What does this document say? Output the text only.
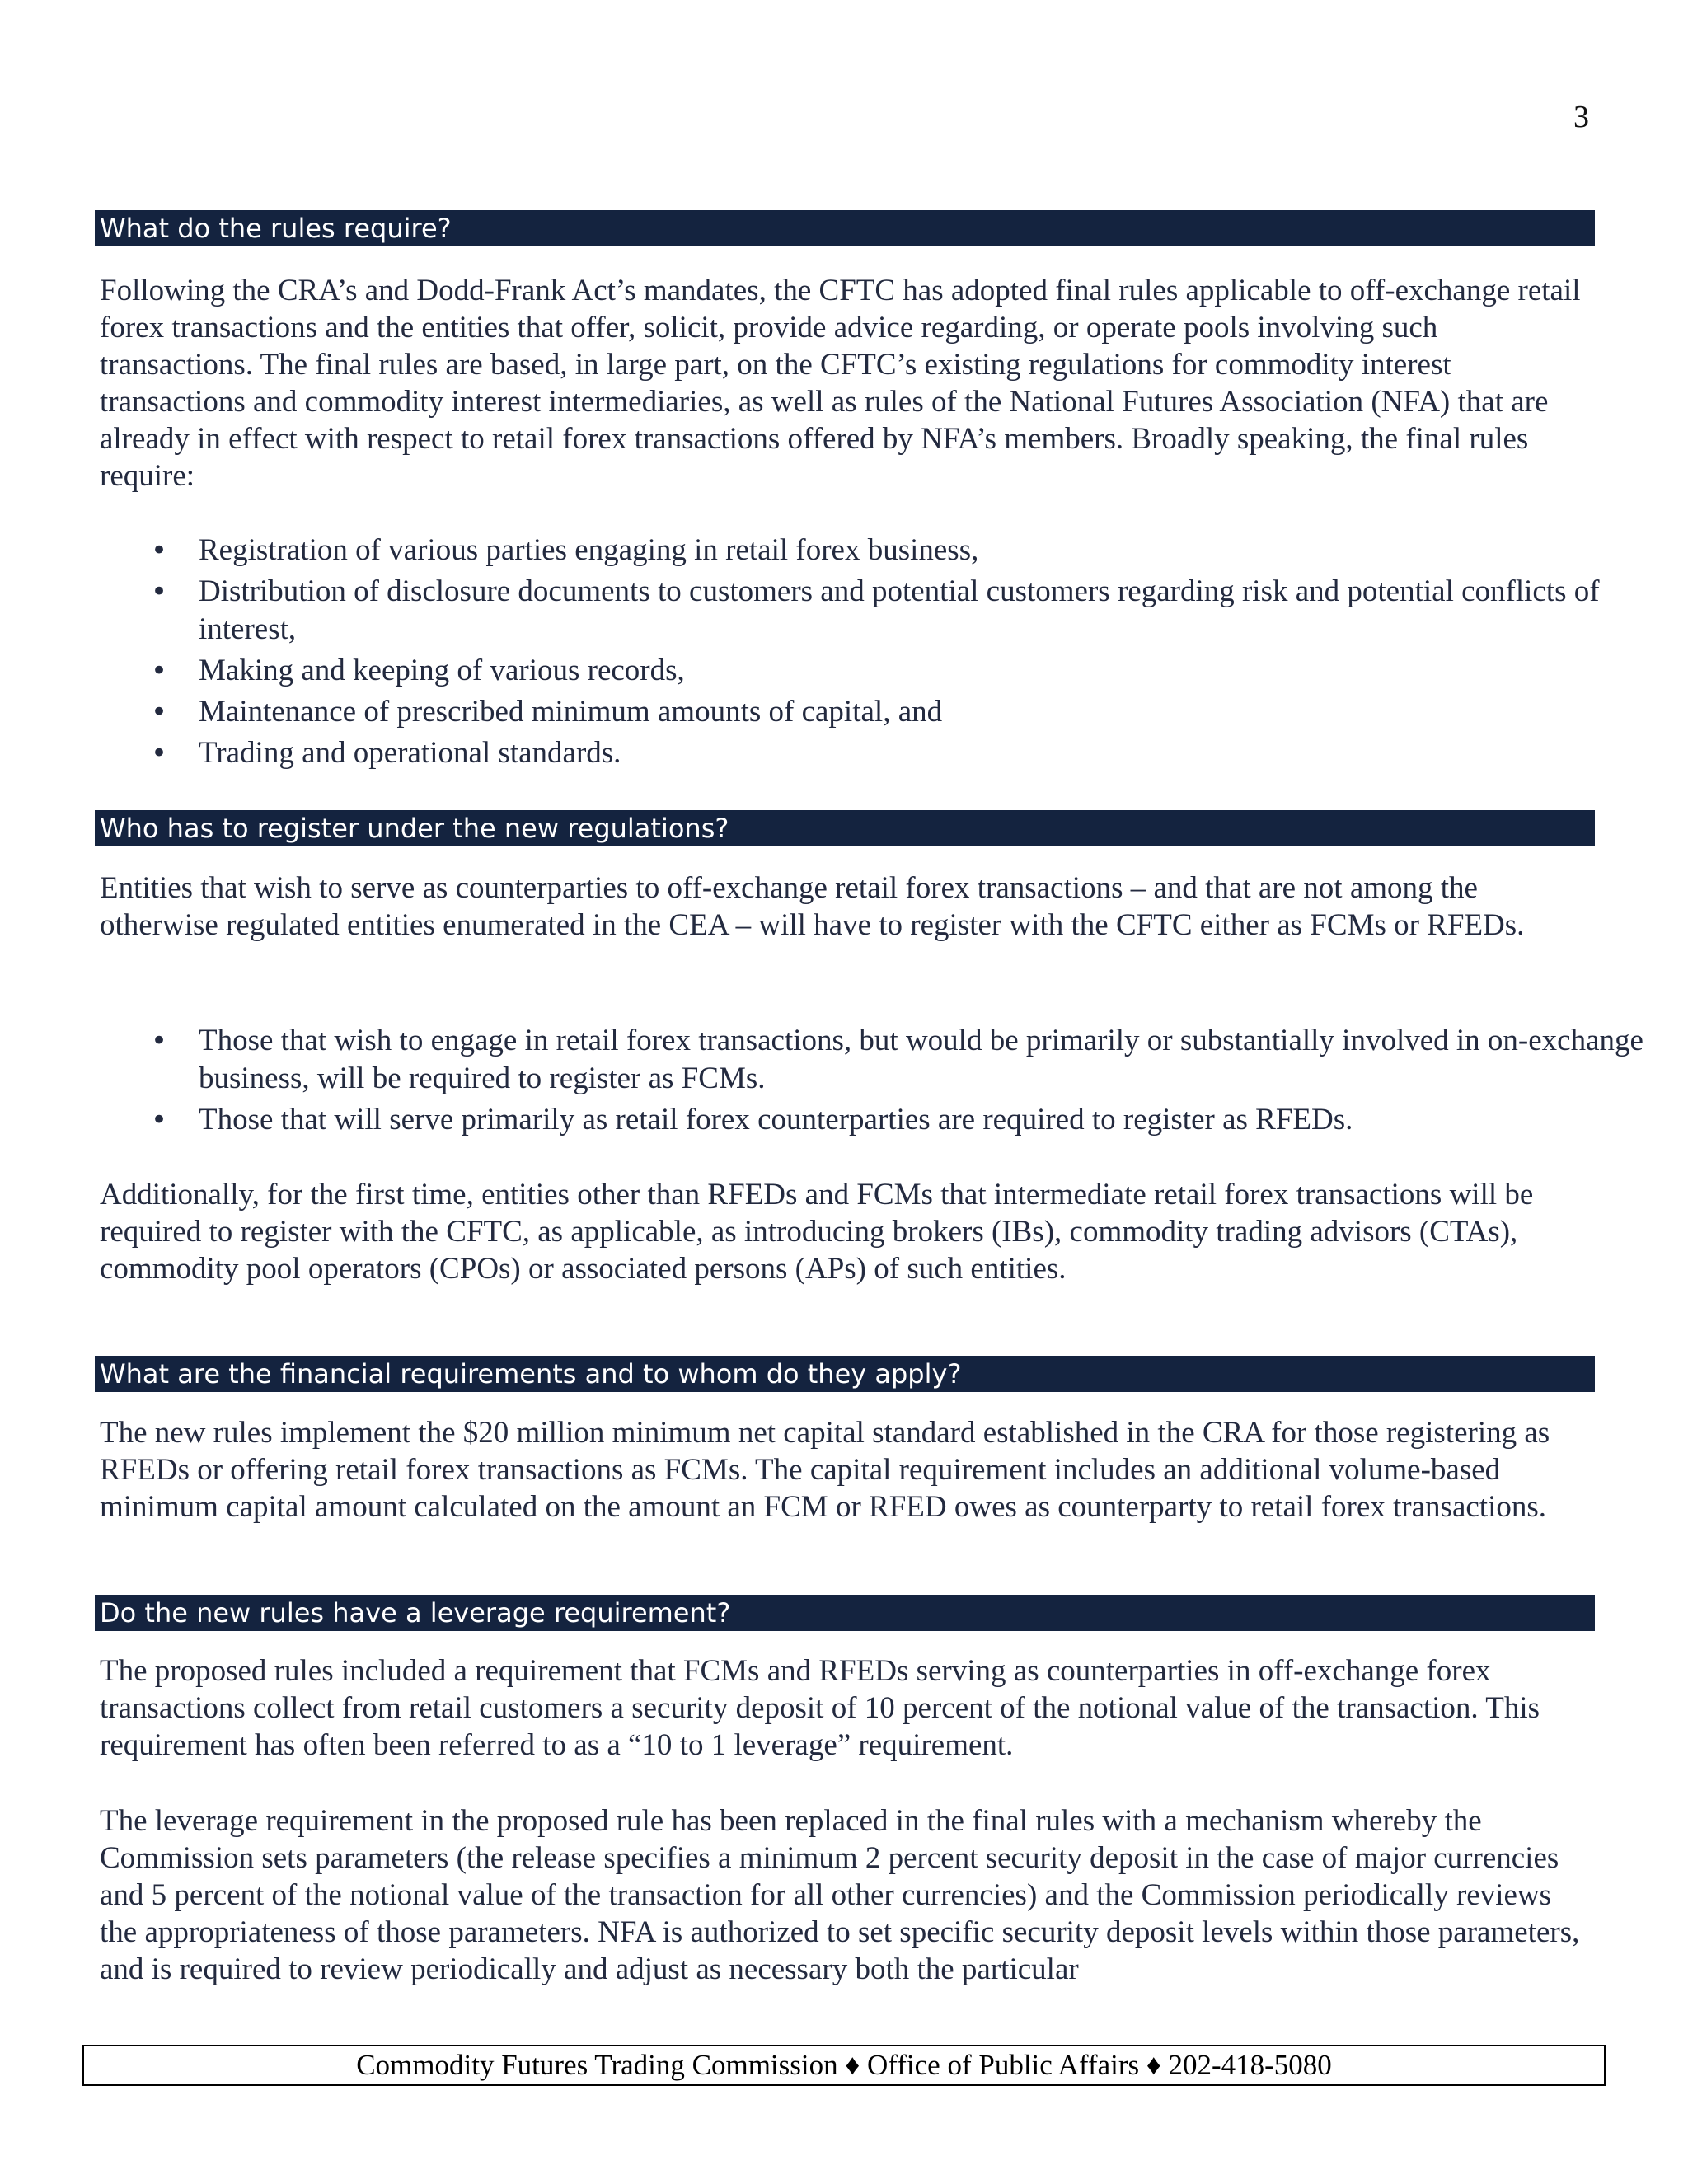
3
What do the rules require?

Following the CRA’s and Dodd-Frank Act’s mandates, the CFTC has adopted final rules applicable to off-exchange retail forex transactions and the entities that offer, solicit, provide advice regarding, or operate pools involving such transactions. The final rules are based, in large part, on the CFTC’s existing regulations for commodity interest transactions and commodity interest intermediaries, as well as rules of the National Futures Association (NFA) that are already in effect with respect to retail forex transactions offered by NFA’s members. Broadly speaking, the final rules require:

• Registration of various parties engaging in retail forex business,
• Distribution of disclosure documents to customers and potential customers regarding risk and potential conflicts of interest,
• Making and keeping of various records,
• Maintenance of prescribed minimum amounts of capital, and
• Trading and operational standards.
Who has to register under the new regulations?

Entities that wish to serve as counterparties to off-exchange retail forex transactions – and that are not among the otherwise regulated entities enumerated in the CEA – will have to register with the CFTC either as FCMs or RFEDs.

• Those that wish to engage in retail forex transactions, but would be primarily or substantially involved in on-exchange business, will be required to register as FCMs.
• Those that will serve primarily as retail forex counterparties are required to register as RFEDs.

Additionally, for the first time, entities other than RFEDs and FCMs that intermediate retail forex transactions will be required to register with the CFTC, as applicable, as introducing brokers (IBs), commodity trading advisors (CTAs), commodity pool operators (CPOs) or associated persons (APs) of such entities.

What are the financial requirements and to whom do they apply?

The new rules implement the $20 million minimum net capital standard established in the CRA for those registering as RFEDs or offering retail forex transactions as FCMs. The capital requirement includes an additional volume-based minimum capital amount calculated on the amount an FCM or RFED owes as counterparty to retail forex transactions.

Do the new rules have a leverage requirement?

The proposed rules included a requirement that FCMs and RFEDs serving as counterparties in off-exchange forex transactions collect from retail customers a security deposit of 10 percent of the notional value of the transaction. This requirement has often been referred to as a “10 to 1 leverage” requirement.

The leverage requirement in the proposed rule has been replaced in the final rules with a mechanism whereby the Commission sets parameters (the release specifies a minimum 2 percent security deposit in the case of major currencies and 5 percent of the notional value of the transaction for all other currencies) and the Commission periodically reviews the appropriateness of those parameters. NFA is authorized to set specific security deposit levels within those parameters, and is required to review periodically and adjust as necessary both the particular

Commodity Futures Trading Commission ♦ Office of Public Affairs ♦ 202-418-5080
